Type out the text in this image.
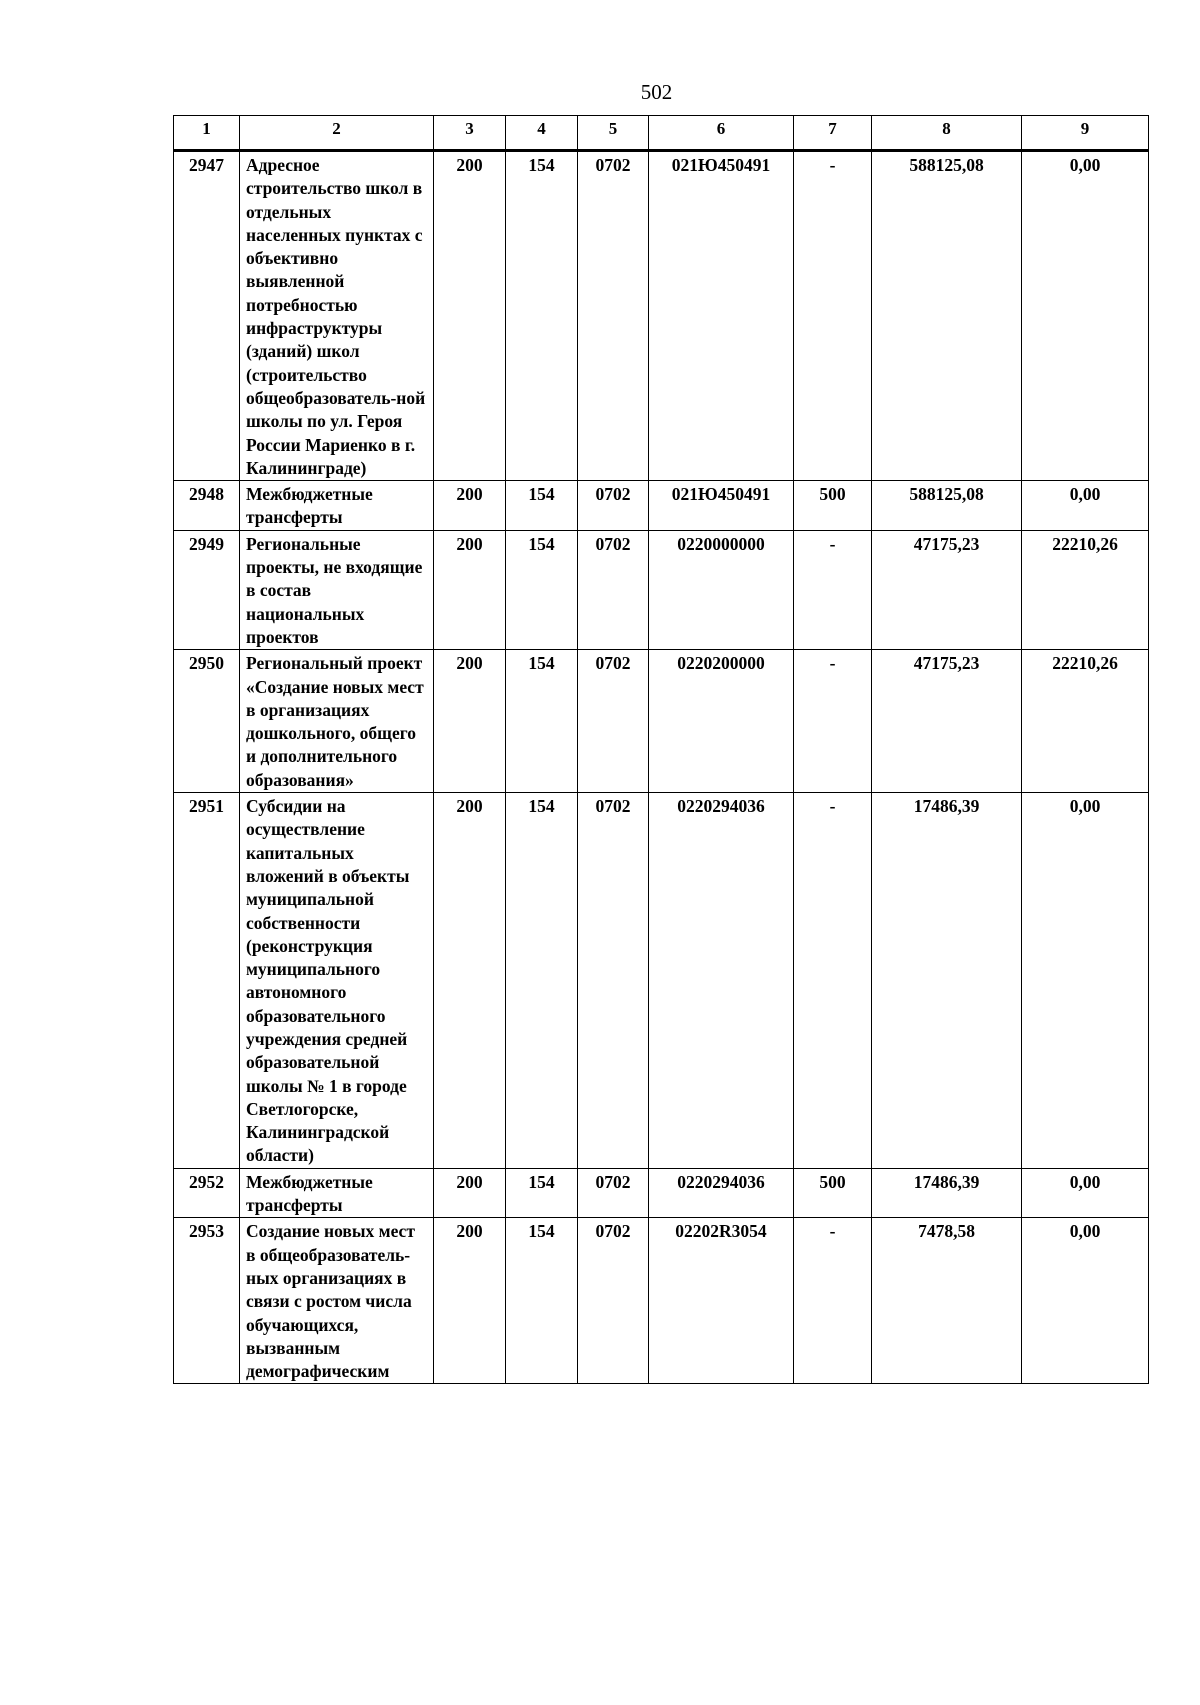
502
1	2	3	4	5	6	7	8	9
2947	Адресное строительство школ в отдельных населенных пунктах с объективно выявленной потребностью инфраструктуры (зданий) школ (строительство общеобразователь-ной школы по ул. Героя России Мариенко в г. Калининграде)	200	154	0702	021Ю450491	-	588125,08	0,00
2948	Межбюджетные трансферты	200	154	0702	021Ю450491	500	588125,08	0,00
2949	Региональные проекты, не входящие в состав национальных проектов	200	154	0702	0220000000	-	47175,23	22210,26
2950	Региональный проект «Создание новых мест в организациях дошкольного, общего и дополнительного образования»	200	154	0702	0220200000	-	47175,23	22210,26
2951	Субсидии на осуществление капитальных вложений в объекты муниципальной собственности (реконструкция муниципального автономного образовательного учреждения средней образовательной школы № 1 в городе Светлогорске, Калининградской области)	200	154	0702	0220294036	-	17486,39	0,00
2952	Межбюджетные трансферты	200	154	0702	0220294036	500	17486,39	0,00
2953	Создание новых мест в общеобразователь-ных организациях в связи с ростом числа обучающихся, вызванным демографическим	200	154	0702	02202R3054	-	7478,58	0,00
